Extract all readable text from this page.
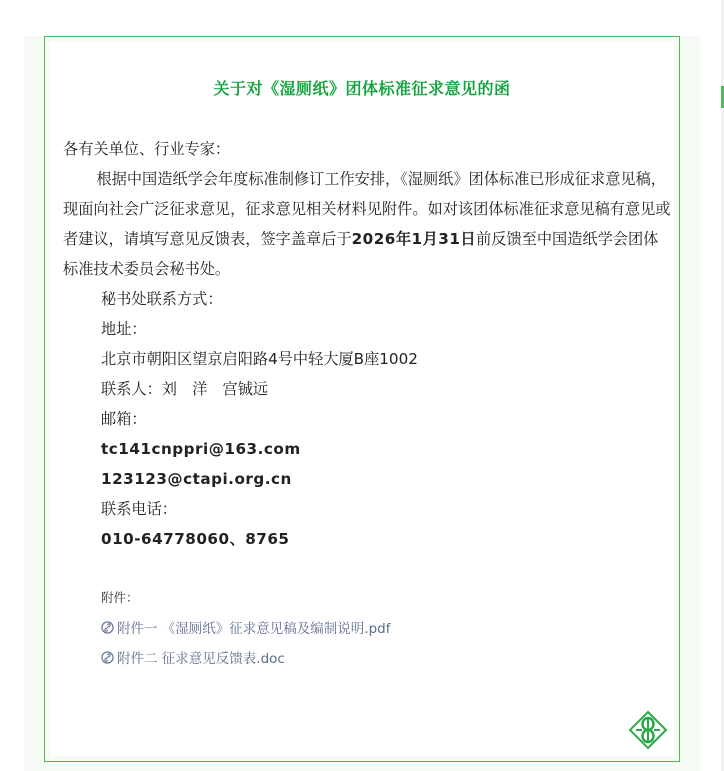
关于对《湿厕纸》团体标准征求意见的函

各有关单位、行业专家：

根据中国造纸学会年度标准制修订工作安排，《湿厕纸》团体标准已形成征求意见稿，现面向社会广泛征求意见，征求意见相关材料见附件。如对该团体标准征求意见稿有意见或者建议，请填写意见反馈表，签字盖章后于2026年1月31日前反馈至中国造纸学会团体标准技术委员会秘书处。

秘书处联系方式：

地址：

北京市朝阳区望京启阳路4号中轻大厦B座1002

联系人：刘　洋　宫铖远

邮箱：

tc141cnppri@163.com

123123@ctapi.org.cn

联系电话：

010-64778060、8765

附件：
附件一 《湿厕纸》征求意见稿及编制说明.pdf
附件二 征求意见反馈表.doc
